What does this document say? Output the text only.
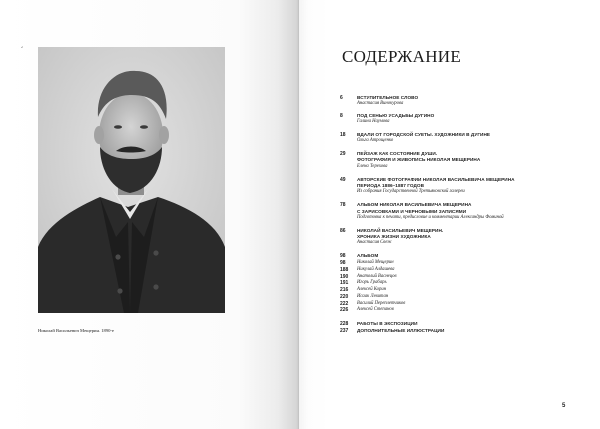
ʻ
Николай Васильевич Мещерин. 1890-е
СОДЕРЖАНИЕ
6	ВСТУПИТЕЛЬНОЕ СЛОВО
Анастасия Винокурова
8	ПОД СЕНЬЮ УСАДЬБЫ ДУГИНО
Галина Наумова
18	ВДАЛИ ОТ ГОРОДСКОЙ СУЕТЫ. ХУДОЖНИКИ В ДУГИНЕ
Ольга Атрощенко
29	ПЕЙЗАЖ КАК СОСТОЯНИЕ ДУШИ.
ФОТОГРАФИЯ И ЖИВОПИСЬ НИКОЛАЯ МЕЩЕРИНА
Елена Терехова
49	АВТОРСКИЕ ФОТОГРАФИИ НИКОЛАЯ ВАСИЛЬЕВИЧА МЕЩЕРИНА
ПЕРИОДА 1886–1887 ГОДОВ
Из собрания Государственной Третьяковской галереи
78	АЛЬБОМ НИКОЛАЯ ВАСИЛЬЕВИЧА МЕЩЕРИНА
С ЗАРИСОВКАМИ И ЧЕРНОВЫМИ ЗАПИСЯМИ
Подготовка к печати, предисловие и комментарии Александры Фоминой
86	НИКОЛАЙ ВАСИЛЬЕВИЧ МЕЩЕРИН.
ХРОНИКА ЖИЗНИ ХУДОЖНИКА
Анастасия Свеж
98	АЛЬБОМ
98	Николай Мещерин
188	Никулай Алдашева
190	Анатолий Васнецов
191	Игорь Грабарь
216	Алексей Корин
220	Исаак Левитан
222	Василий Переплетчиков
226	Алексей Степанов
228	РАБОТЫ В ЭКСПОЗИЦИИ
237	ДОПОЛНИТЕЛЬНЫЕ ИЛЛЮСТРАЦИИ
5
